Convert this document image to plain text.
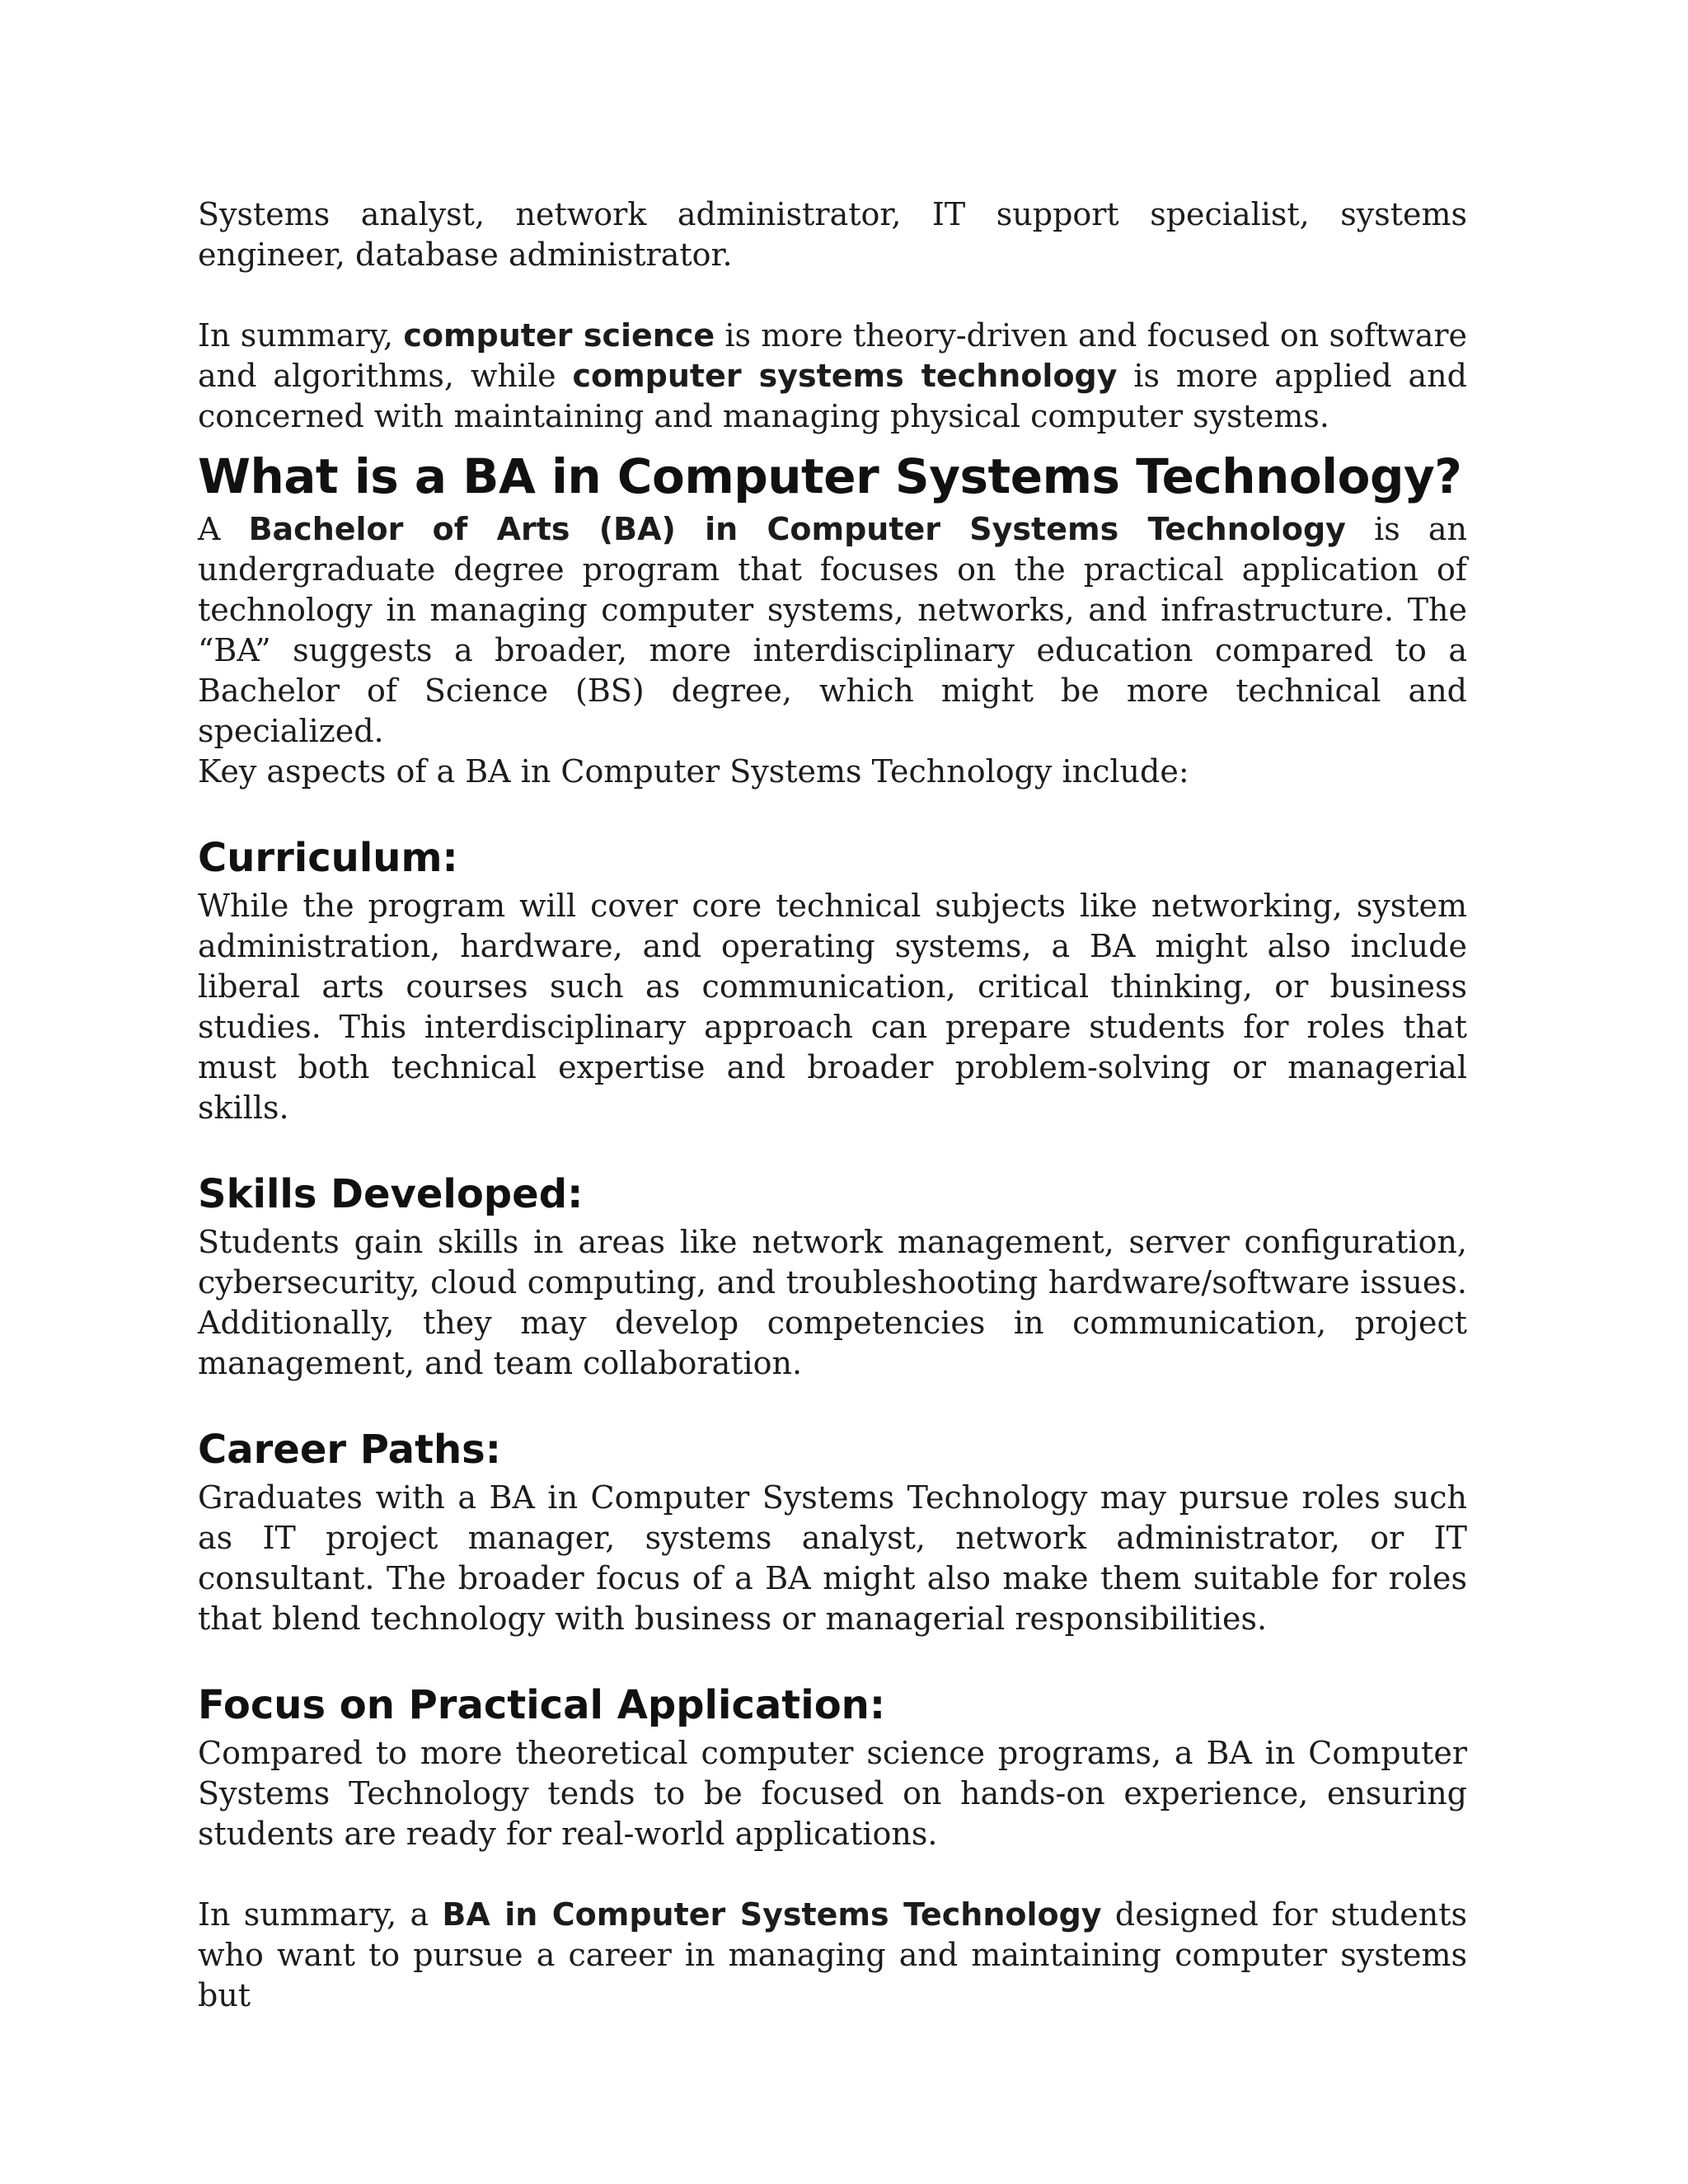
Systems analyst, network administrator, IT support specialist, systems engineer, database administrator.

In summary, computer science is more theory-driven and focused on software and algorithms, while computer systems technology is more applied and concerned with maintaining and managing physical computer systems.

What is a BA in Computer Systems Technology?

A Bachelor of Arts (BA) in Computer Systems Technology is an undergraduate degree program that focuses on the practical application of technology in managing computer systems, networks, and infrastructure. The “BA” suggests a broader, more interdisciplinary education compared to a Bachelor of Science (BS) degree, which might be more technical and specialized.

Key aspects of a BA in Computer Systems Technology include:

Curriculum:

While the program will cover core technical subjects like networking, system administration, hardware, and operating systems, a BA might also include liberal arts courses such as communication, critical thinking, or business studies. This interdisciplinary approach can prepare students for roles that must both technical expertise and broader problem-solving or managerial skills.

Skills Developed:

Students gain skills in areas like network management, server configuration, cybersecurity, cloud computing, and troubleshooting hardware/software issues. Additionally, they may develop competencies in communication, project management, and team collaboration.

Career Paths:

Graduates with a BA in Computer Systems Technology may pursue roles such as IT project manager, systems analyst, network administrator, or IT consultant. The broader focus of a BA might also make them suitable for roles that blend technology with business or managerial responsibilities.

Focus on Practical Application:

Compared to more theoretical computer science programs, a BA in Computer Systems Technology tends to be focused on hands-on experience, ensuring students are ready for real-world applications.

In summary, a BA in Computer Systems Technology designed for students who want to pursue a career in managing and maintaining computer systems but
